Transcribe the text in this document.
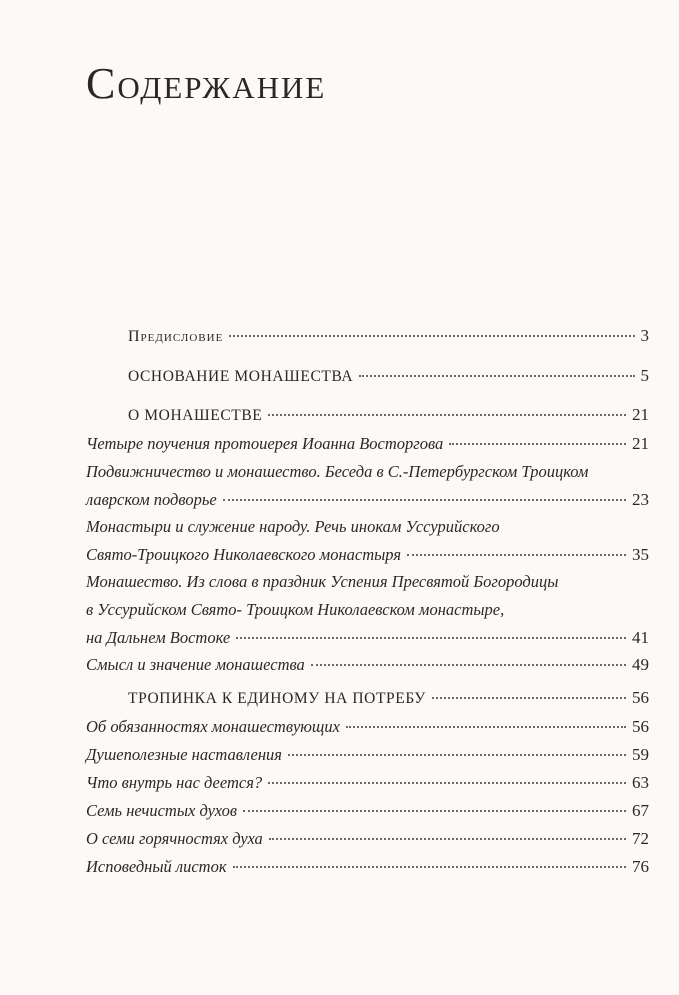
Содержание
Предисловие	3
ОСНОВАНИЕ МОНАШЕСТВА	5
О МОНАШЕСТВЕ	21
Четыре поучения протоиерея Иоанна Восторгова	21
Подвижничество и монашество. Беседа в С.-Петербургском Троицком
лаврском подворье	23
Монастыри и служение народу. Речь инокам Уссурийского
Свято-Троицкого Николаевского монастыря	35
Монашество. Из слова в праздник Успения Пресвятой Богородицы
в Уссурийском Свято- Троицком Николаевском монастыре,
на Дальнем Востоке	41
Смысл и значение монашества	49
ТРОПИНКА К ЕДИНОМУ НА ПОТРЕБУ	56
Об обязанностях монашествующих	56
Душеполезные наставления	59
Что внутрь нас деется?	63
Семь нечистых духов	67
О семи горячностях духа	72
Исповедный листок	76
